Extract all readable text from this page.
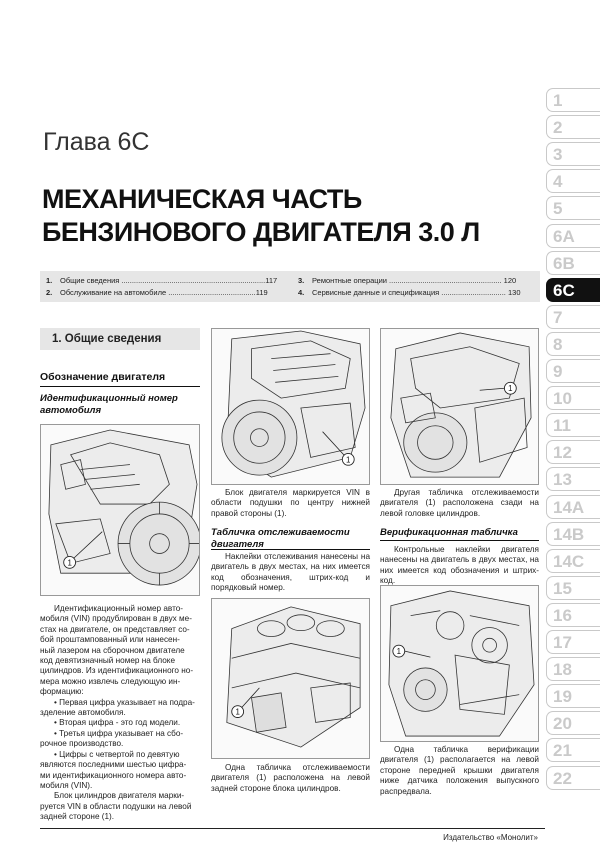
Глава 6C
МЕХАНИЧЕСКАЯ ЧАСТЬ
БЕНЗИНОВОГО ДВИГАТЕЛЯ 3.0 Л
1. Общие сведения .....................................................................117
2. Обслуживание на автомобиле ..........................................119
3. Ремонтные операции ...................................................... 120
4. Сервисные данные и спецификация ............................... 130
1
2
3
4
5
6A
6B
6C
7
8
9
10
11
12
13
14A
14B
14C
15
16
17
18
19
20
21
22
1. Общие сведения
Обозначение двигателя
Идентификационный номер
автомобиля
1
Идентификационный номер авто-
мобиля (VIN) продублирован в двух ме-
стах на двигателе, он представляет со-
бой проштампованный или нанесен-
ный лазером на сборочном двигателе
код девятизначный номер на блоке
цилиндров. Из идентификационного но-
мера можно извлечь следующую ин-
формацию:
• Первая цифра указывает на подра-
зделение автомобиля.
• Вторая цифра - это год модели.
• Третья цифра указывает на сбо-
рочное производство.
• Цифры с четвертой по девятую
являются последними шестью цифра-
ми идентификационного номера авто-
мобиля (VIN).
Блок цилиндров двигателя марки-
руется VIN в области подушки на левой
задней стороне (1).
1
Блок двигателя маркируется VIN в области подушки по центру нижней правой стороны (1).
Табличка отслеживаемости
двигателя
Наклейки отслеживания нанесены на двигатель в двух местах, на них имеется код обозначения, штрих-код и порядковый номер.
1
Одна табличка отслеживаемости двигателя (1) расположена на левой задней стороне блока цилиндров.
1
Другая табличка отслеживаемости двигателя (1) расположена сзади на левой головке цилиндров.
Верификационная табличка
Контрольные наклейки двигателя нанесены на двигатель в двух местах, на них имеется код обозначения и штрих-код.
1
Одна табличка верификации двигателя (1) располагается на левой стороне передней крышки двигателя ниже датчика положения выпускного распредвала.
Издательство «Монолит»
